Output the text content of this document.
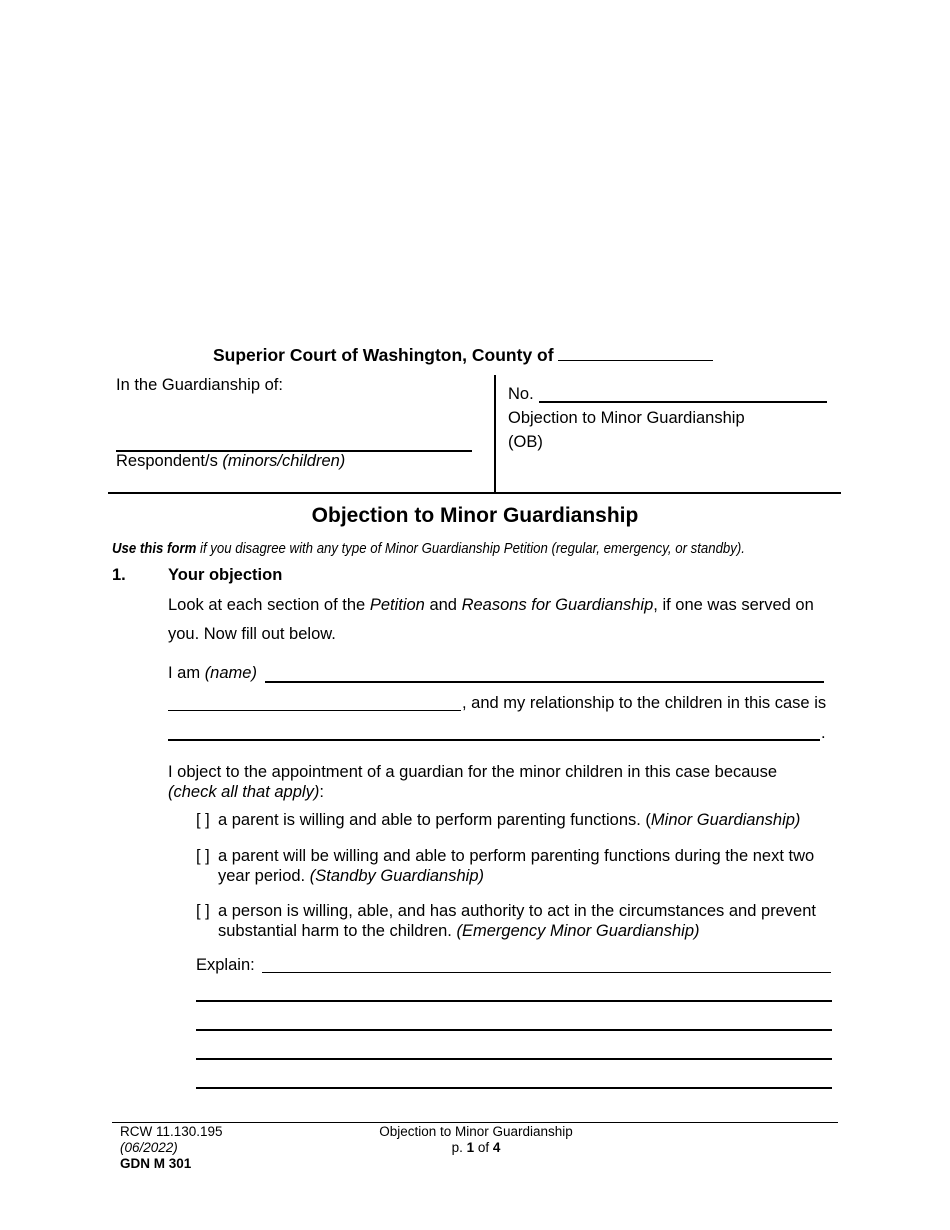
Superior Court of Washington, County of
In the Guardianship of:
Respondent/s (minors/children)
No.
Objection to Minor Guardianship
(OB)
Objection to Minor Guardianship
Use this form if you disagree with any type of Minor Guardianship Petition (regular, emergency, or standby).
1.	Your objection
Look at each section of the Petition and Reasons for Guardianship, if one was served on you. Now fill out below.
I am (name)
, and my relationship to the children in this case is
.
I object to the appointment of a guardian for the minor children in this case because
(check all that apply):
[ ] a parent is willing and able to perform parenting functions. (Minor Guardianship)
[ ] a parent will be willing and able to perform parenting functions during the next two year period. (Standby Guardianship)
[ ] a person is willing, able, and has authority to act in the circumstances and prevent substantial harm to the children. (Emergency Minor Guardianship)
Explain:
RCW 11.130.195
(06/2022)
GDN M 301
Objection to Minor Guardianship
p. 1 of 4
